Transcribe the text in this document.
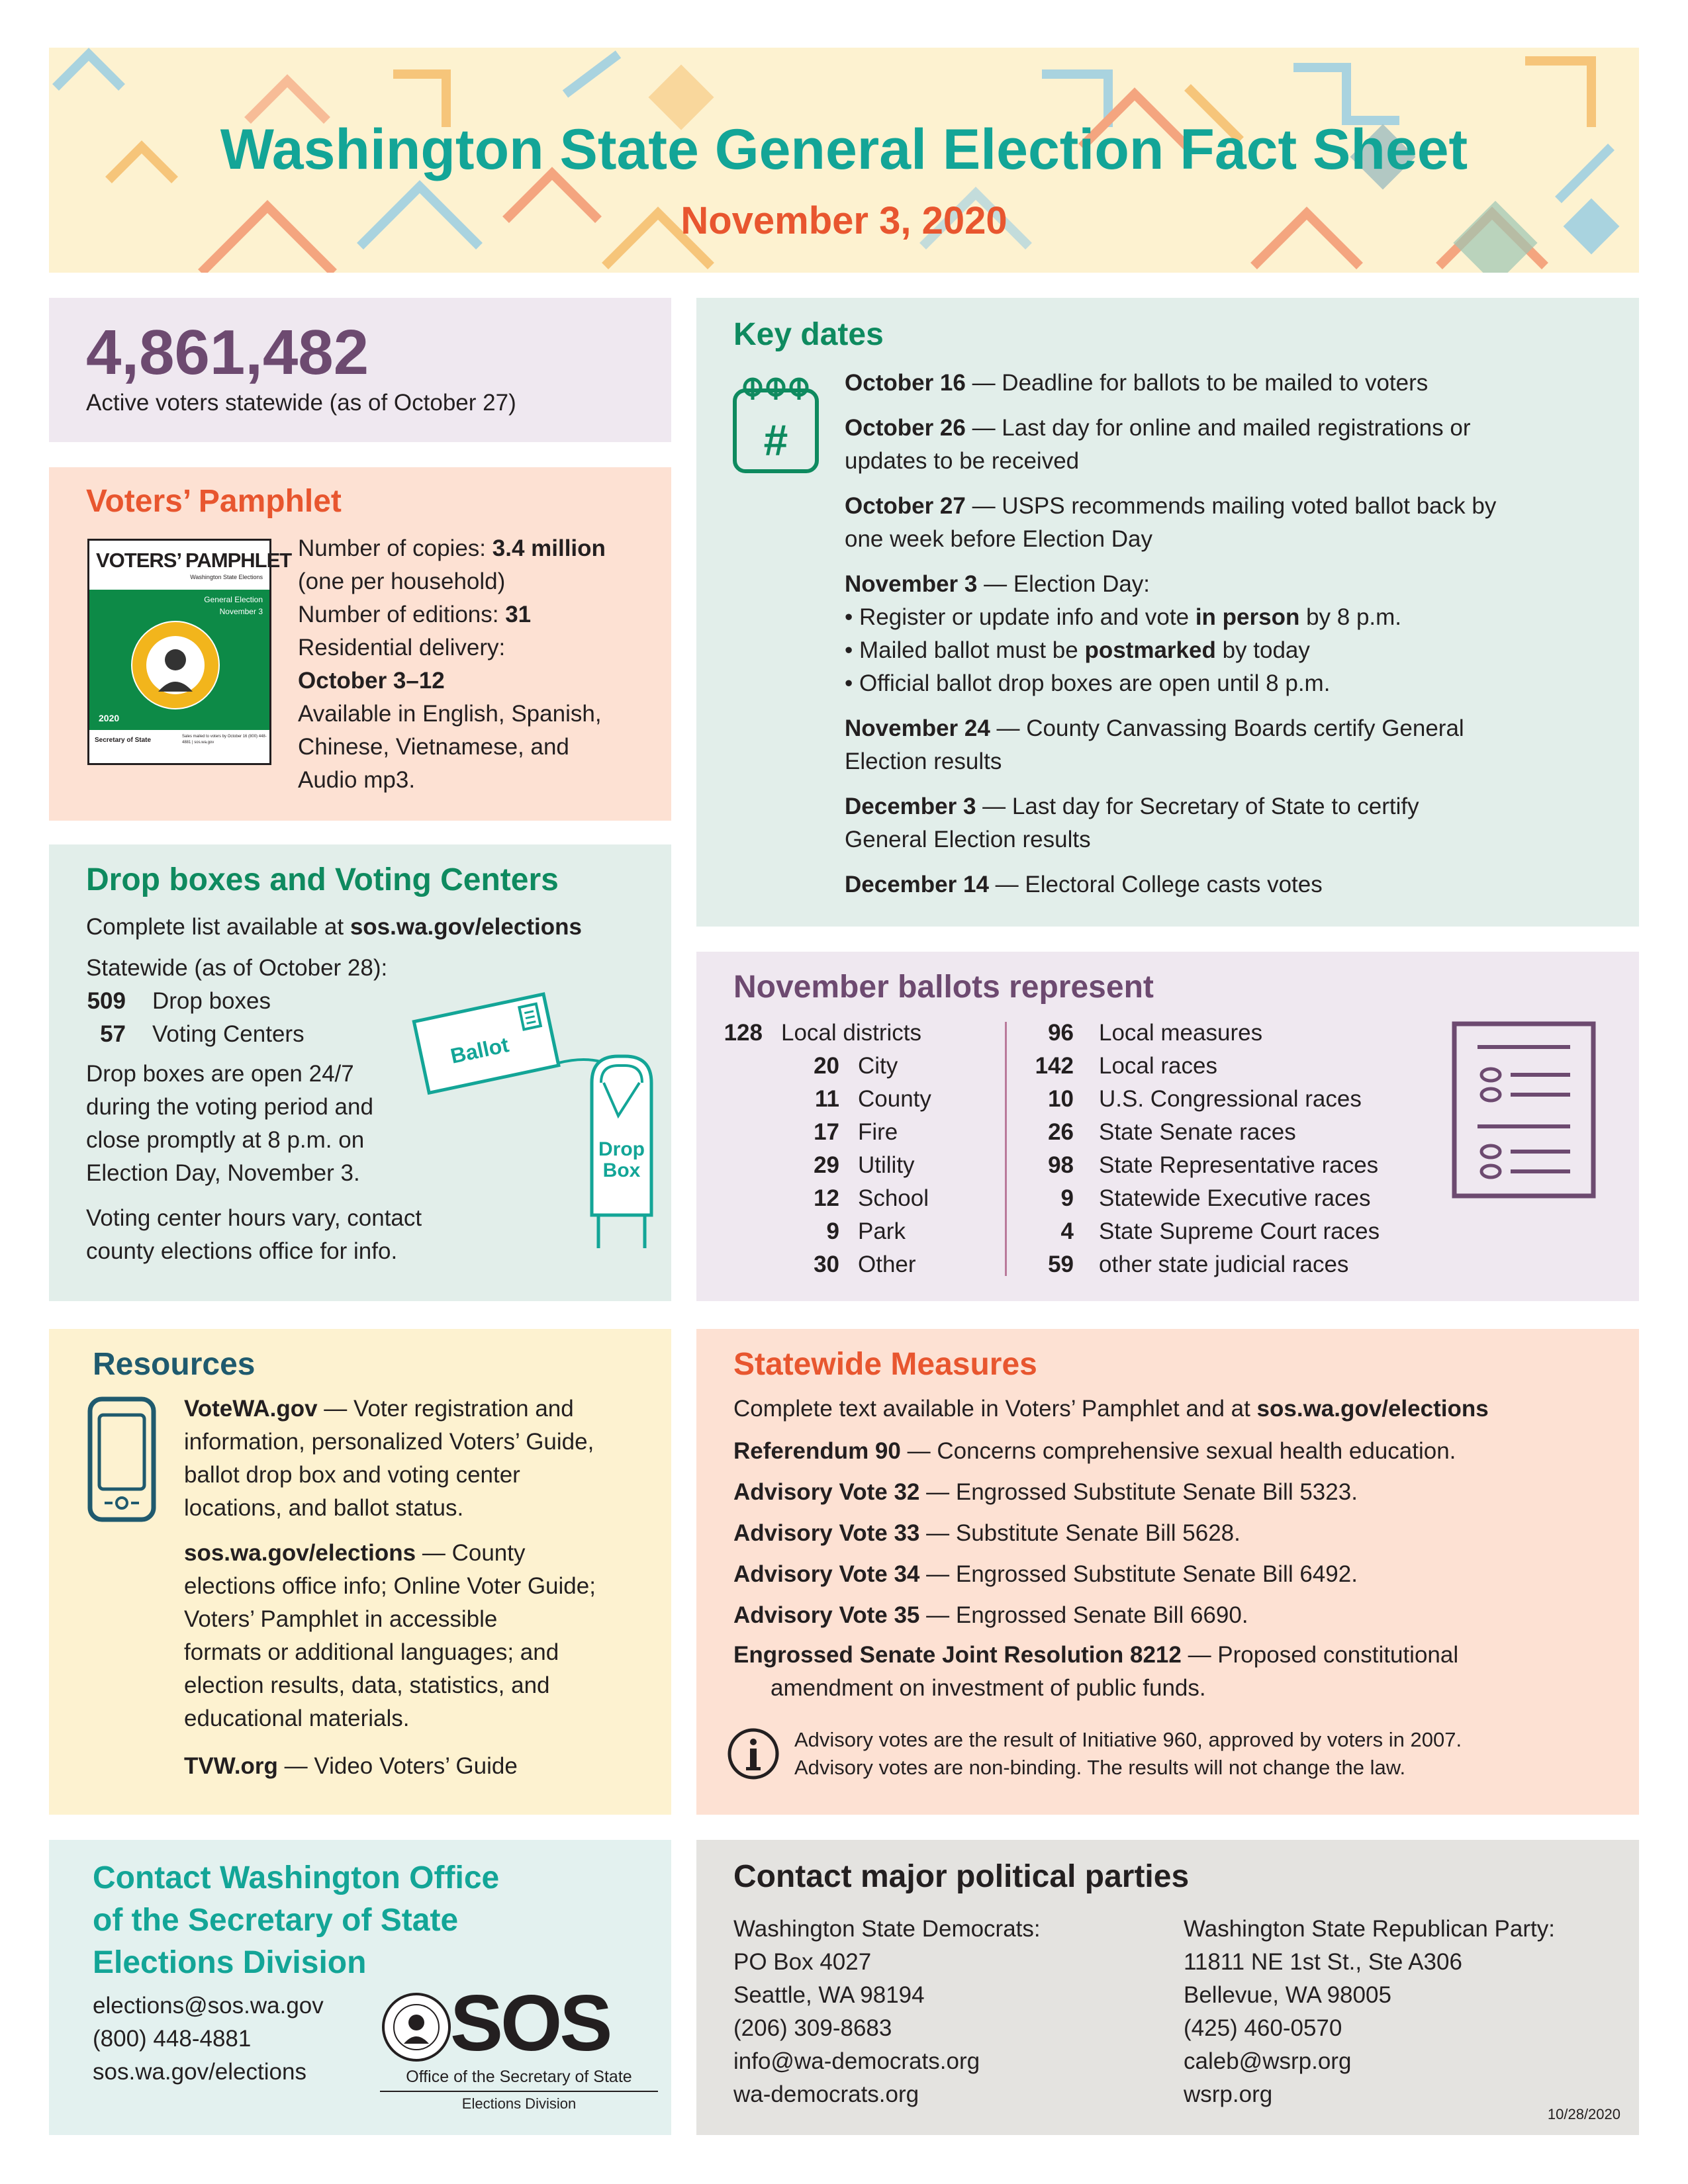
Washington State General Election Fact Sheet
November 3, 2020
4,861,482
Active voters statewide (as of October 27)
Voters’ Pamphlet
VOTERS’ PAMPHLET
Washington State Elections
General Election
November 3
2020
Secretary of State	Sales mailed to voters by October 16 (800) 448-4881 | sos.wa.gov
Number of copies: 3.4 million
(one per household)
Number of editions: 31
Residential delivery:
October 3–12
Available in English, Spanish,
Chinese, Vietnamese, and
Audio mp3.
Drop boxes and Voting Centers
Complete list available at sos.wa.gov/elections
Statewide (as of October 28):
509 Drop boxes
57 Voting Centers
Drop boxes are open 24/7
during the voting period and
close promptly at 8 p.m. on
Election Day, November 3.
Voting center hours vary, contact
county elections office for info.
Ballot
Drop
Box
Key dates
#
October 16 — Deadline for ballots to be mailed to voters
October 26 — Last day for online and mailed registrations or
updates to be received
October 27 — USPS recommends mailing voted ballot back by
one week before Election Day
November 3 — Election Day:
• Register or update info and vote in person by 8 p.m.
• Mailed ballot must be postmarked by today
• Official ballot drop boxes are open until 8 p.m.
November 24 — County Canvassing Boards certify General
Election results
December 3 — Last day for Secretary of State to certify
General Election results
December 14 — Electoral College casts votes
November ballots represent
128 Local districts
20 City
11 County
17 Fire
29 Utility
12 School
9 Park
30 Other
96 Local measures
142 Local races
10 U.S. Congressional races
26 State Senate races
98 State Representative races
9 Statewide Executive races
4 State Supreme Court races
59 other state judicial races
Resources
VoteWA.gov — Voter registration and
information, personalized Voters’ Guide,
ballot drop box and voting center
locations, and ballot status.
sos.wa.gov/elections — County
elections office info; Online Voter Guide;
Voters’ Pamphlet in accessible
formats or additional languages; and
election results, data, statistics, and
educational materials.
TVW.org — Video Voters’ Guide
Statewide Measures
Complete text available in Voters’ Pamphlet and at sos.wa.gov/elections
Referendum 90 — Concerns comprehensive sexual health education.
Advisory Vote 32 — Engrossed Substitute Senate Bill 5323.
Advisory Vote 33 — Substitute Senate Bill 5628.
Advisory Vote 34 — Engrossed Substitute Senate Bill 6492.
Advisory Vote 35 — Engrossed Senate Bill 6690.
Engrossed Senate Joint Resolution 8212 — Proposed constitutional
amendment on investment of public funds.
Advisory votes are the result of Initiative 960, approved by voters in 2007.
Advisory votes are non-binding. The results will not change the law.
Contact Washington Office
of the Secretary of State
Elections Division
elections@sos.wa.gov
(800) 448-4881
sos.wa.gov/elections
SOS
Office of the Secretary of State
Elections Division
Contact major political parties
Washington State Democrats:
PO Box 4027
Seattle, WA 98194
(206) 309-8683
info@wa-democrats.org
wa-democrats.org
Washington State Republican Party:
11811 NE 1st St., Ste A306
Bellevue, WA 98005
(425) 460-0570
caleb@wsrp.org
wsrp.org
10/28/2020
